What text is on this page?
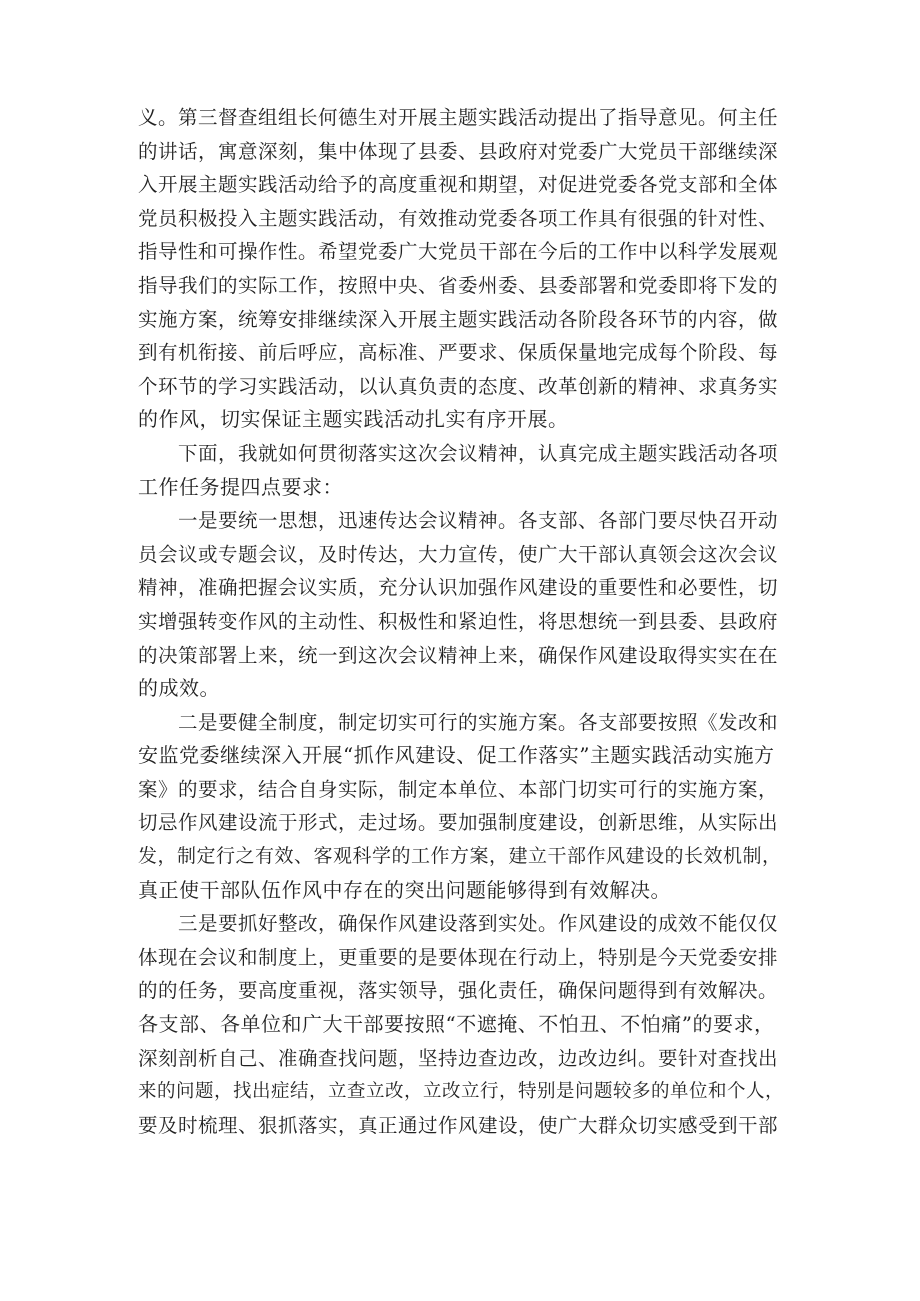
义。第三督查组组长何德生对开展主题实践活动提出了指导意见。何主任
的讲话，寓意深刻，集中体现了县委、县政府对党委广大党员干部继续深
入开展主题实践活动给予的高度重视和期望，对促进党委各党支部和全体
党员积极投入主题实践活动，有效推动党委各项工作具有很强的针对性、
指导性和可操作性。希望党委广大党员干部在今后的工作中以科学发展观
指导我们的实际工作，按照中央、省委州委、县委部署和党委即将下发的
实施方案，统筹安排继续深入开展主题实践活动各阶段各环节的内容，做
到有机衔接、前后呼应，高标准、严要求、保质保量地完成每个阶段、每
个环节的学习实践活动，以认真负责的态度、改革创新的精神、求真务实
的作风，切实保证主题实践活动扎实有序开展。

下面，我就如何贯彻落实这次会议精神，认真完成主题实践活动各项
工作任务提四点要求：

一是要统一思想，迅速传达会议精神。各支部、各部门要尽快召开动
员会议或专题会议，及时传达，大力宣传，使广大干部认真领会这次会议
精神，准确把握会议实质，充分认识加强作风建设的重要性和必要性，切
实增强转变作风的主动性、积极性和紧迫性，将思想统一到县委、县政府
的决策部署上来，统一到这次会议精神上来，确保作风建设取得实实在在
的成效。

二是要健全制度，制定切实可行的实施方案。各支部要按照《发改和
安监党委继续深入开展“抓作风建设、促工作落实”主题实践活动实施方
案》的要求，结合自身实际，制定本单位、本部门切实可行的实施方案，
切忌作风建设流于形式，走过场。要加强制度建设，创新思维，从实际出
发，制定行之有效、客观科学的工作方案，建立干部作风建设的长效机制，
真正使干部队伍作风中存在的突出问题能够得到有效解决。

三是要抓好整改，确保作风建设落到实处。作风建设的成效不能仅仅
体现在会议和制度上，更重要的是要体现在行动上，特别是今天党委安排
的的任务，要高度重视，落实领导，强化责任，确保问题得到有效解决。
各支部、各单位和广大干部要按照“不遮掩、不怕丑、不怕痛”的要求，
深刻剖析自己、准确查找问题，坚持边查边改，边改边纠。要针对查找出
来的问题，找出症结，立查立改，立改立行，特别是问题较多的单位和个人，
要及时梳理、狠抓落实，真正通过作风建设，使广大群众切实感受到干部
